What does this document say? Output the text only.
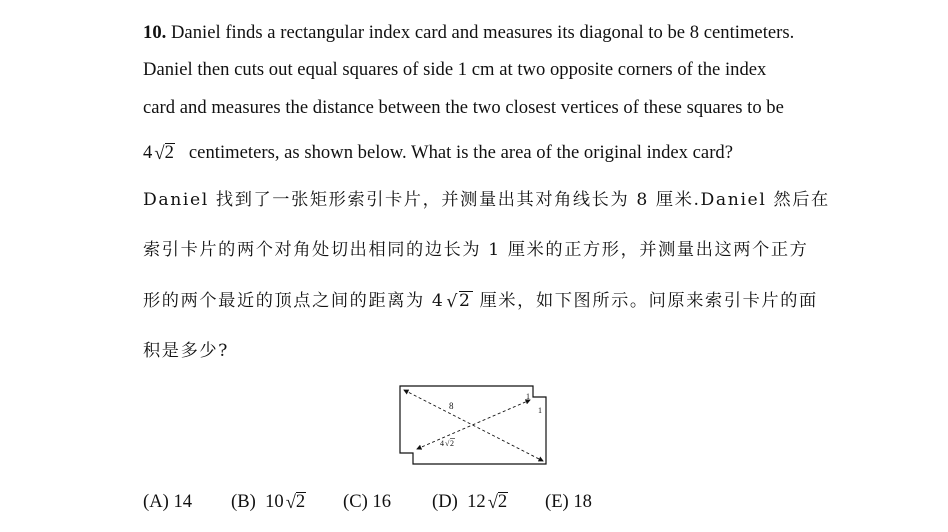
10. Daniel finds a rectangular index card and measures its diagonal to be 8 centimeters.
Daniel then cuts out equal squares of side 1 cm at two opposite corners of the index
card and measures the distance between the two closest vertices of these squares to be
4 √2 centimeters, as shown below. What is the area of the original index card?
Daniel 找到了一张矩形索引卡片，并测量出其对角线长为 8 厘米.Daniel 然后在
索引卡片的两个对角处切出相同的边长为 1 厘米的正方形，并测量出这两个正方
形的两个最近的顶点之间的距离为 4 √2 厘米，如下图所示。问原来索引卡片的面
积是多少?
8
4 √ 2
1
1
(A) 14 (B) 10 √2 (C) 16 (D) 12 √2 (E) 18
